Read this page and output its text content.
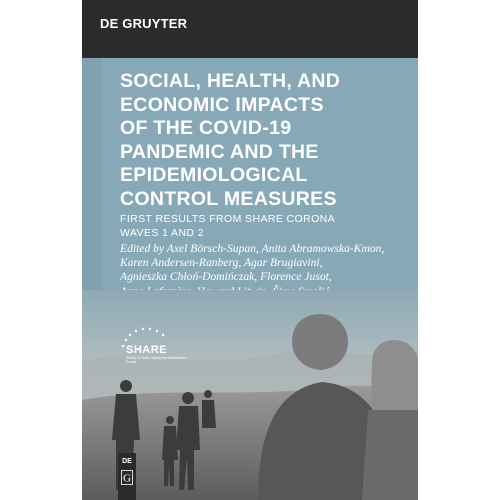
DE GRUYTER
SOCIAL, HEALTH, AND
ECONOMIC IMPACTS
OF THE COVID-19
PANDEMIC AND THE
EPIDEMIOLOGICAL
CONTROL MEASURES
FIRST RESULTS FROM SHARE CORONA
WAVES 1 AND 2
Edited by Axel Börsch-Supan, Anita Abramowska-Kmon,
Karen Andersen-Ranberg, Agar Brugiavini,
Agnieszka Chłoń-Domińczak, Florence Jusot,
SHARE
Survey of Health, Ageing and Retirement in Europe
DE
G
